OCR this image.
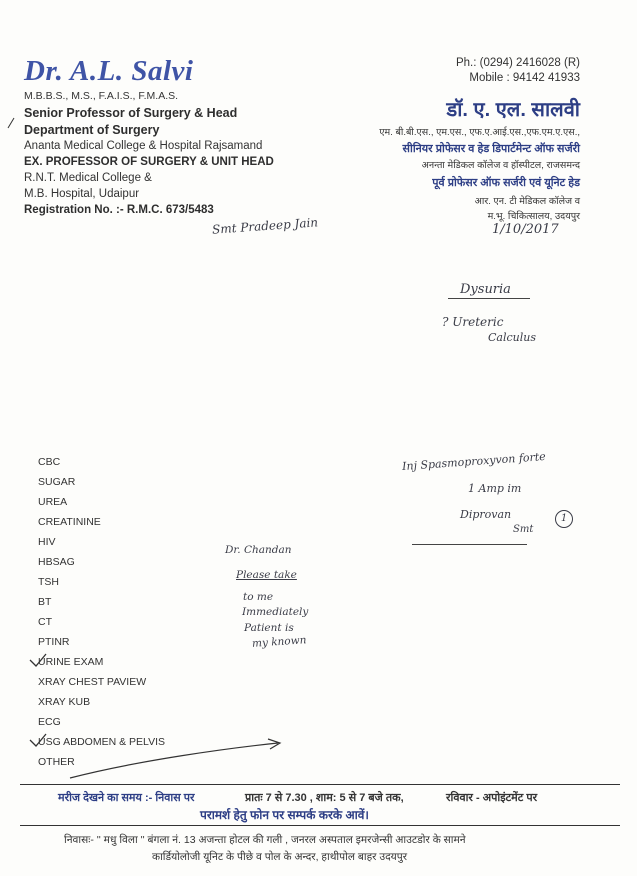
Dr. A.L. Salvi
M.B.B.S., M.S., F.A.I.S., F.M.A.S.
Senior Professor of Surgery & Head
Department of Surgery
Ananta Medical College & Hospital Rajsamand
EX. PROFESSOR OF SURGERY & UNIT HEAD
R.N.T. Medical College &
M.B. Hospital, Udaipur
Registration No. :- R.M.C. 673/5483
Ph.: (0294) 2416028 (R)
Mobile : 94142 41933
डॉ. ए. एल. सालवी
एम. बी.बी.एस., एम.एस., एफ.ए.आई.एस.,एफ.एम.ए.एस.,
सीनियर प्रोफेसर व हेड डिपार्टमेन्ट ऑफ सर्जरी
अनन्ता मेडिकल कॉलेज व हॉस्पीटल, राजसमन्द
पूर्व प्रोफेसर ऑफ सर्जरी एवं यूनिट हेड
आर. एन. टी मेडिकल कॉलेज व
म.भू. चिकित्सालय, उदयपुर
Smt Pradeep Jain	1/10/2017
Dysuria
? Ureteric
Calculus
Inj Spasmoproxyvon forte
1 Amp im
Diprovan
Smt
1
Dr. Chandan
Please take
to me
Immediately
Patient is
my known
CBC
SUGAR
UREA
CREATININE
HIV
HBSAG
TSH
BT
CT
PTINR
URINE EXAM
XRAY CHEST PAVIEW
XRAY KUB
ECG
USG ABDOMEN & PELVIS
OTHER
मरीज देखने का समय :- निवास पर	प्रातः 7 से 7.30 , शाम: 5 से 7 बजे तक,	रविवार - अपोइंटमेंट पर
परामर्श हेतु फोन पर सम्पर्क करके आवें।
निवासः- '' मधु विला '' बंगला नं. 13 अजन्ता होटल की गली , जनरल अस्पताल इमरजेन्सी आउटडोर के सामने
कार्डियोलोजी यूनिट के पीछे व पोल के अन्दर, हाथीपोल बाहर उदयपुर
